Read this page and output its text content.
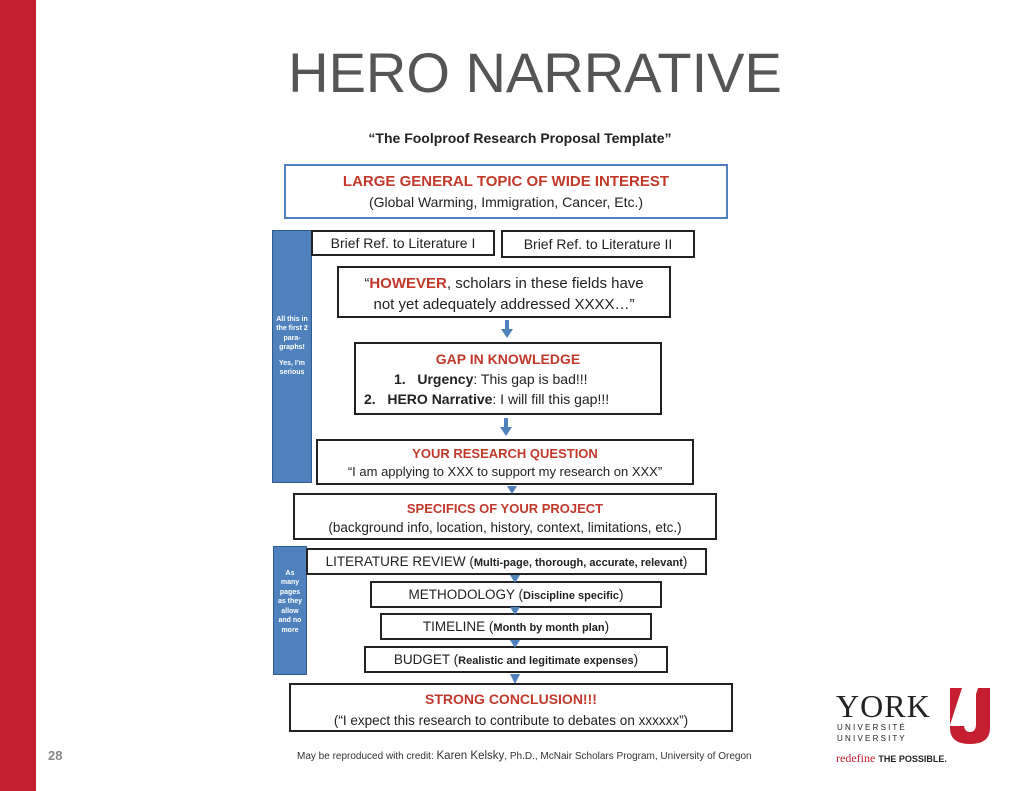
HERO NARRATIVE
“The Foolproof Research Proposal Template”
LARGE GENERAL TOPIC OF WIDE INTEREST
(Global Warming, Immigration, Cancer, Etc.)
All this in the first 2 para-graphs!
Yes, I’m serious
Brief Ref. to Literature I	Brief Ref. to Literature II
“HOWEVER, scholars in these fields have
not yet adequately addressed XXXX…”
GAP IN KNOWLEDGE
1. Urgency: This gap is bad!!!
2. HERO Narrative: I will fill this gap!!!
YOUR RESEARCH QUESTION
“I am applying to XXX to support my research on XXX”
SPECIFICS OF YOUR PROJECT
(background info, location, history, context, limitations, etc.)
As many pages as they allow and no more
LITERATURE REVIEW (Multi-page, thorough, accurate, relevant)
METHODOLOGY (Discipline specific)
TIMELINE (Month by month plan)
BUDGET (Realistic and legitimate expenses)
STRONG CONCLUSION!!!
(“I expect this research to contribute to debates on xxxxxx”)
May be reproduced with credit: Karen Kelsky, Ph.D., McNair Scholars Program, University of Oregon
28
YORK
U N I V E R S I T É
U N I V E R S I T Y
redefine THE POSSIBLE.
